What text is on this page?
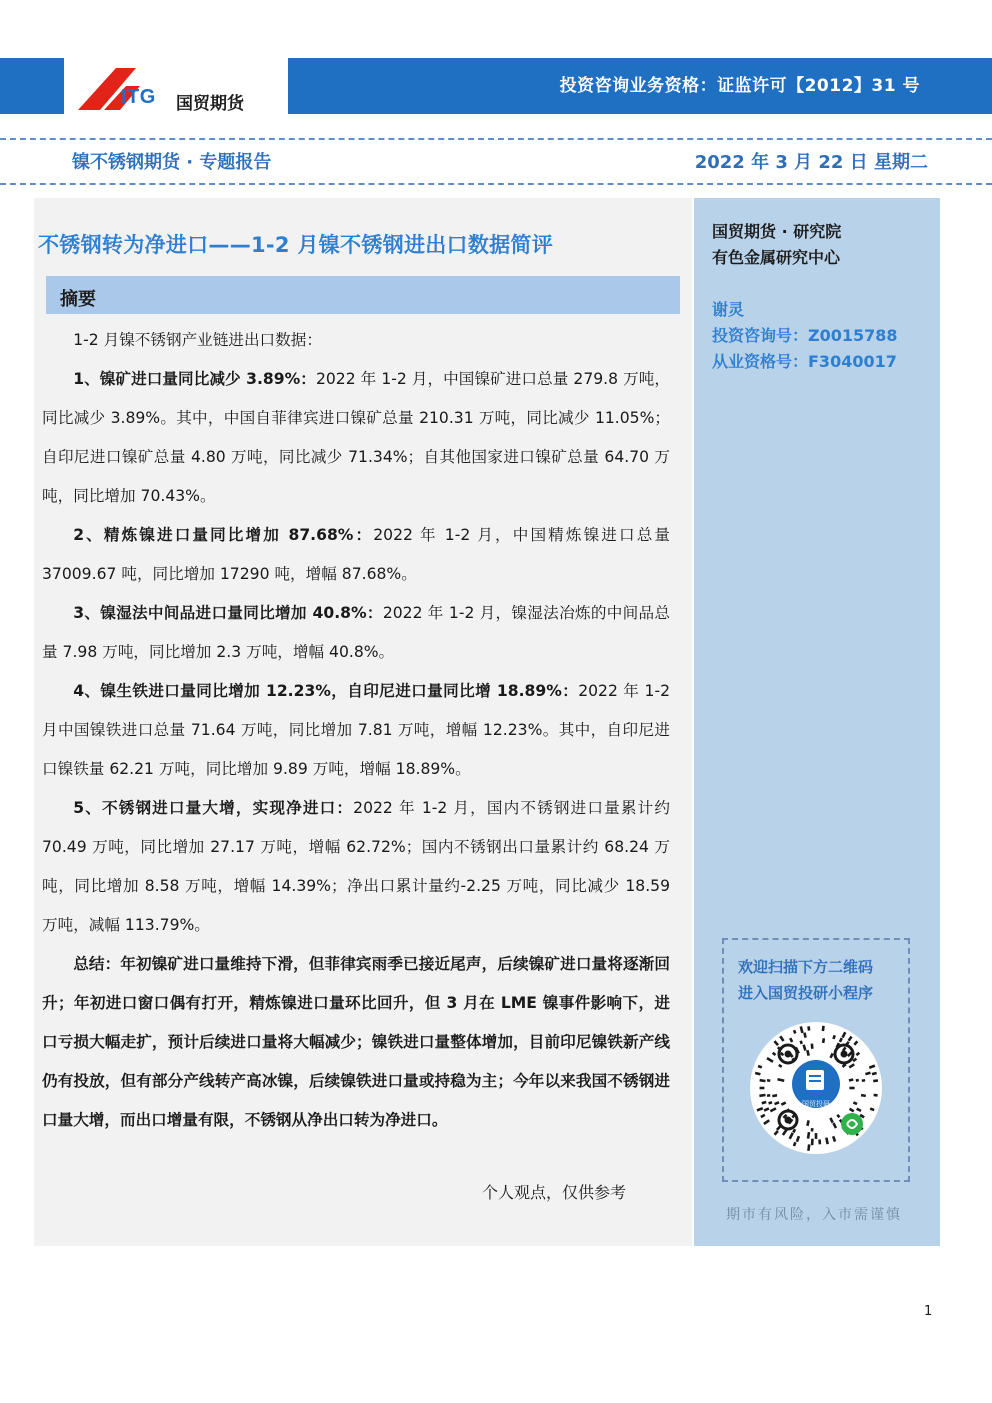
ITG 国贸期货
投资咨询业务资格：证监许可【2012】31 号
镍不锈钢期货 · 专题报告	2022 年 3 月 22 日 星期二
不锈钢转为净进口——1-2 月镍不锈钢进出口数据简评
摘要

1-2 月镍不锈钢产业链进出口数据：

1、镍矿进口量同比减少 3.89%：2022 年 1-2 月，中国镍矿进口总量 279.8 万吨，同比减少 3.89%。其中，中国自菲律宾进口镍矿总量 210.31 万吨，同比减少 11.05%；自印尼进口镍矿总量 4.80 万吨，同比减少 71.34%；自其他国家进口镍矿总量 64.70 万吨，同比增加 70.43%。

2、精炼镍进口量同比增加 87.68%：2022 年 1-2 月，中国精炼镍进口总量 37009.67 吨，同比增加 17290 吨，增幅 87.68%。

3、镍湿法中间品进口量同比增加 40.8%：2022 年 1-2 月，镍湿法冶炼的中间品总量 7.98 万吨，同比增加 2.3 万吨，增幅 40.8%。

4、镍生铁进口量同比增加 12.23%，自印尼进口量同比增 18.89%：2022 年 1-2 月中国镍铁进口总量 71.64 万吨，同比增加 7.81 万吨，增幅 12.23%。其中，自印尼进口镍铁量 62.21 万吨，同比增加 9.89 万吨，增幅 18.89%。

5、不锈钢进口量大增，实现净进口：2022 年 1-2 月，国内不锈钢进口量累计约 70.49 万吨，同比增加 27.17 万吨，增幅 62.72%；国内不锈钢出口量累计约 68.24 万吨，同比增加 8.58 万吨，增幅 14.39%；净出口累计量约-2.25 万吨，同比减少 18.59 万吨，减幅 113.79%。

总结：年初镍矿进口量维持下滑，但菲律宾雨季已接近尾声，后续镍矿进口量将逐渐回升；年初进口窗口偶有打开，精炼镍进口量环比回升，但 3 月在 LME 镍事件影响下，进口亏损大幅走扩，预计后续进口量将大幅减少；镍铁进口量整体增加，目前印尼镍铁新产线仍有投放，但有部分产线转产高冰镍，后续镍铁进口量或持稳为主；今年以来我国不锈钢进口量大增，而出口增量有限，不锈钢从净出口转为净进口。

个人观点，仅供参考
国贸期货 · 研究院
有色金属研究中心
谢灵
投资咨询号：Z0015788
从业资格号：F3040017
欢迎扫描下方二维码
进入国贸投研小程序
国贸投研
期市有风险，入市需谨慎
1
